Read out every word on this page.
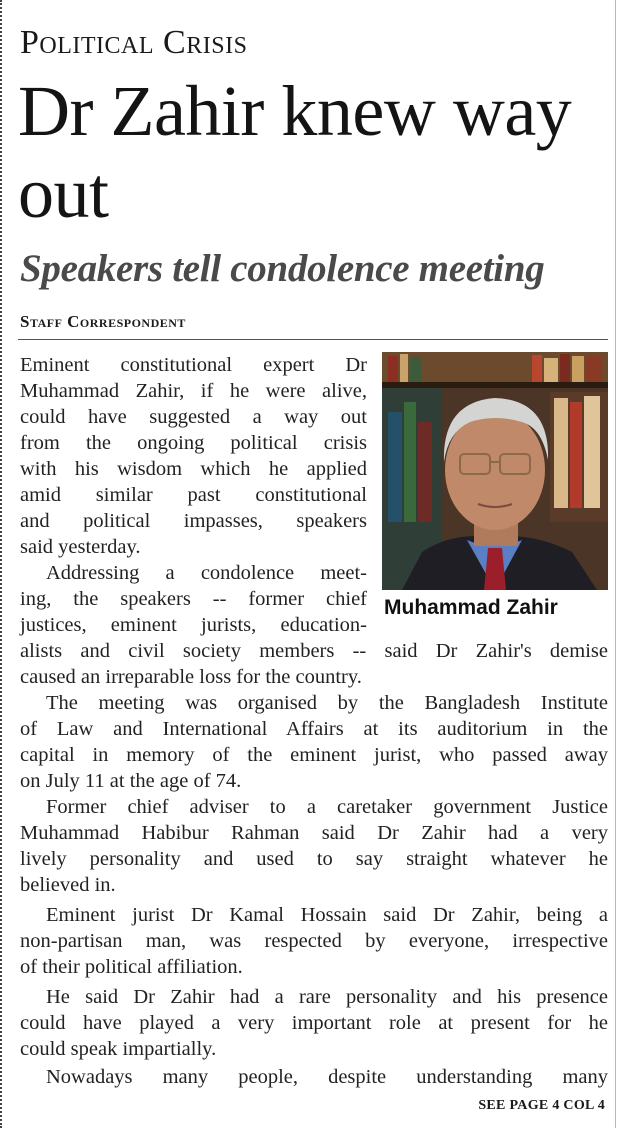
Political Crisis
Dr Zahir knew way out
Speakers tell condolence meeting
Staff Correspondent
Muhammad Zahir
Eminent constitutional expert Dr
Muhammad Zahir, if he were alive,
could have suggested a way out
from the ongoing political crisis
with his wisdom which he applied
amid similar past constitutional
and political impasses, speakers
said yesterday.
Addressing a condolence meet-
ing, the speakers -- former chief
justices, eminent jurists, education-
alists and civil society members -- said Dr Zahir's demise
caused an irreparable loss for the country.
The meeting was organised by the Bangladesh Institute
of Law and International Affairs at its auditorium in the
capital in memory of the eminent jurist, who passed away
on July 11 at the age of 74.
Former chief adviser to a caretaker government Justice
Muhammad Habibur Rahman said Dr Zahir had a very
lively personality and used to say straight whatever he
believed in.
Eminent jurist Dr Kamal Hossain said Dr Zahir, being a
non-partisan man, was respected by everyone, irrespective
of their political affiliation.
He said Dr Zahir had a rare personality and his presence
could have played a very important role at present for he
could speak impartially.
Nowadays many people, despite understanding many
SEE PAGE 4 COL 4
